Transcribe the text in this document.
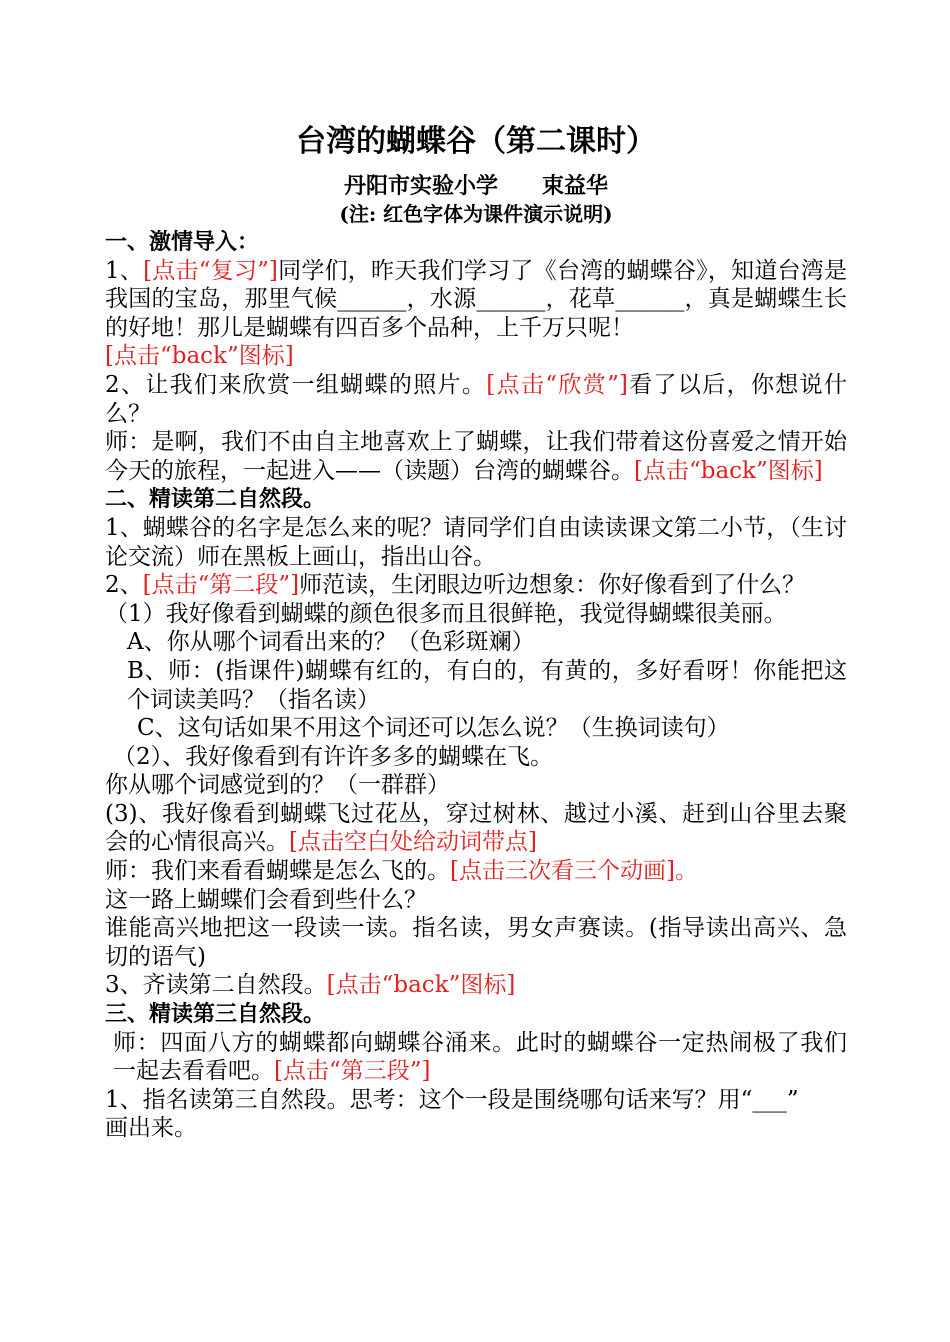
台湾的蝴蝶谷（第二课时）
丹阳市实验小学　　束益华
(注: 红色字体为课件演示说明)
一、激情导入：

1、[点击“复习”]同学们，昨天我们学习了《台湾的蝴蝶谷》，知道台湾是我国的宝岛，那里气候______，水源______，花草______，真是蝴蝶生长的好地！那儿是蝴蝶有四百多个品种，上千万只呢！

[点击“back”图标]

2、让我们来欣赏一组蝴蝶的照片。[点击“欣赏”]看了以后，你想说什么？

师：是啊，我们不由自主地喜欢上了蝴蝶，让我们带着这份喜爱之情开始今天的旅程，一起进入——（读题）台湾的蝴蝶谷。[点击“back”图标]

二、精读第二自然段。

1、蝴蝶谷的名字是怎么来的呢？请同学们自由读读课文第二小节，（生讨论交流）师在黑板上画山，指出山谷。

2、[点击“第二段”]师范读，生闭眼边听边想象：你好像看到了什么？

（1）我好像看到蝴蝶的颜色很多而且很鲜艳，我觉得蝴蝶很美丽。

A、你从哪个词看出来的？（色彩斑斓）

B、师：(指课件)蝴蝶有红的，有白的，有黄的，多好看呀！你能把这个词读美吗？（指名读）

C、这句话如果不用这个词还可以怎么说？（生换词读句）

（2）、我好像看到有许许多多的蝴蝶在飞。

你从哪个词感觉到的？（一群群）

(3)、我好像看到蝴蝶飞过花丛，穿过树林、越过小溪、赶到山谷里去聚会的心情很高兴。[点击空白处给动词带点]

师：我们来看看蝴蝶是怎么飞的。[点击三次看三个动画]。

这一路上蝴蝶们会看到些什么？

谁能高兴地把这一段读一读。指名读，男女声赛读。(指导读出高兴、急切的语气)

3、齐读第二自然段。[点击“back”图标]

三、精读第三自然段。

师：四面八方的蝴蝶都向蝴蝶谷涌来。此时的蝴蝶谷一定热闹极了我们一起去看看吧。[点击“第三段”]

1、指名读第三自然段。思考：这个一段是围绕哪句话来写？用“___”

画出来。
